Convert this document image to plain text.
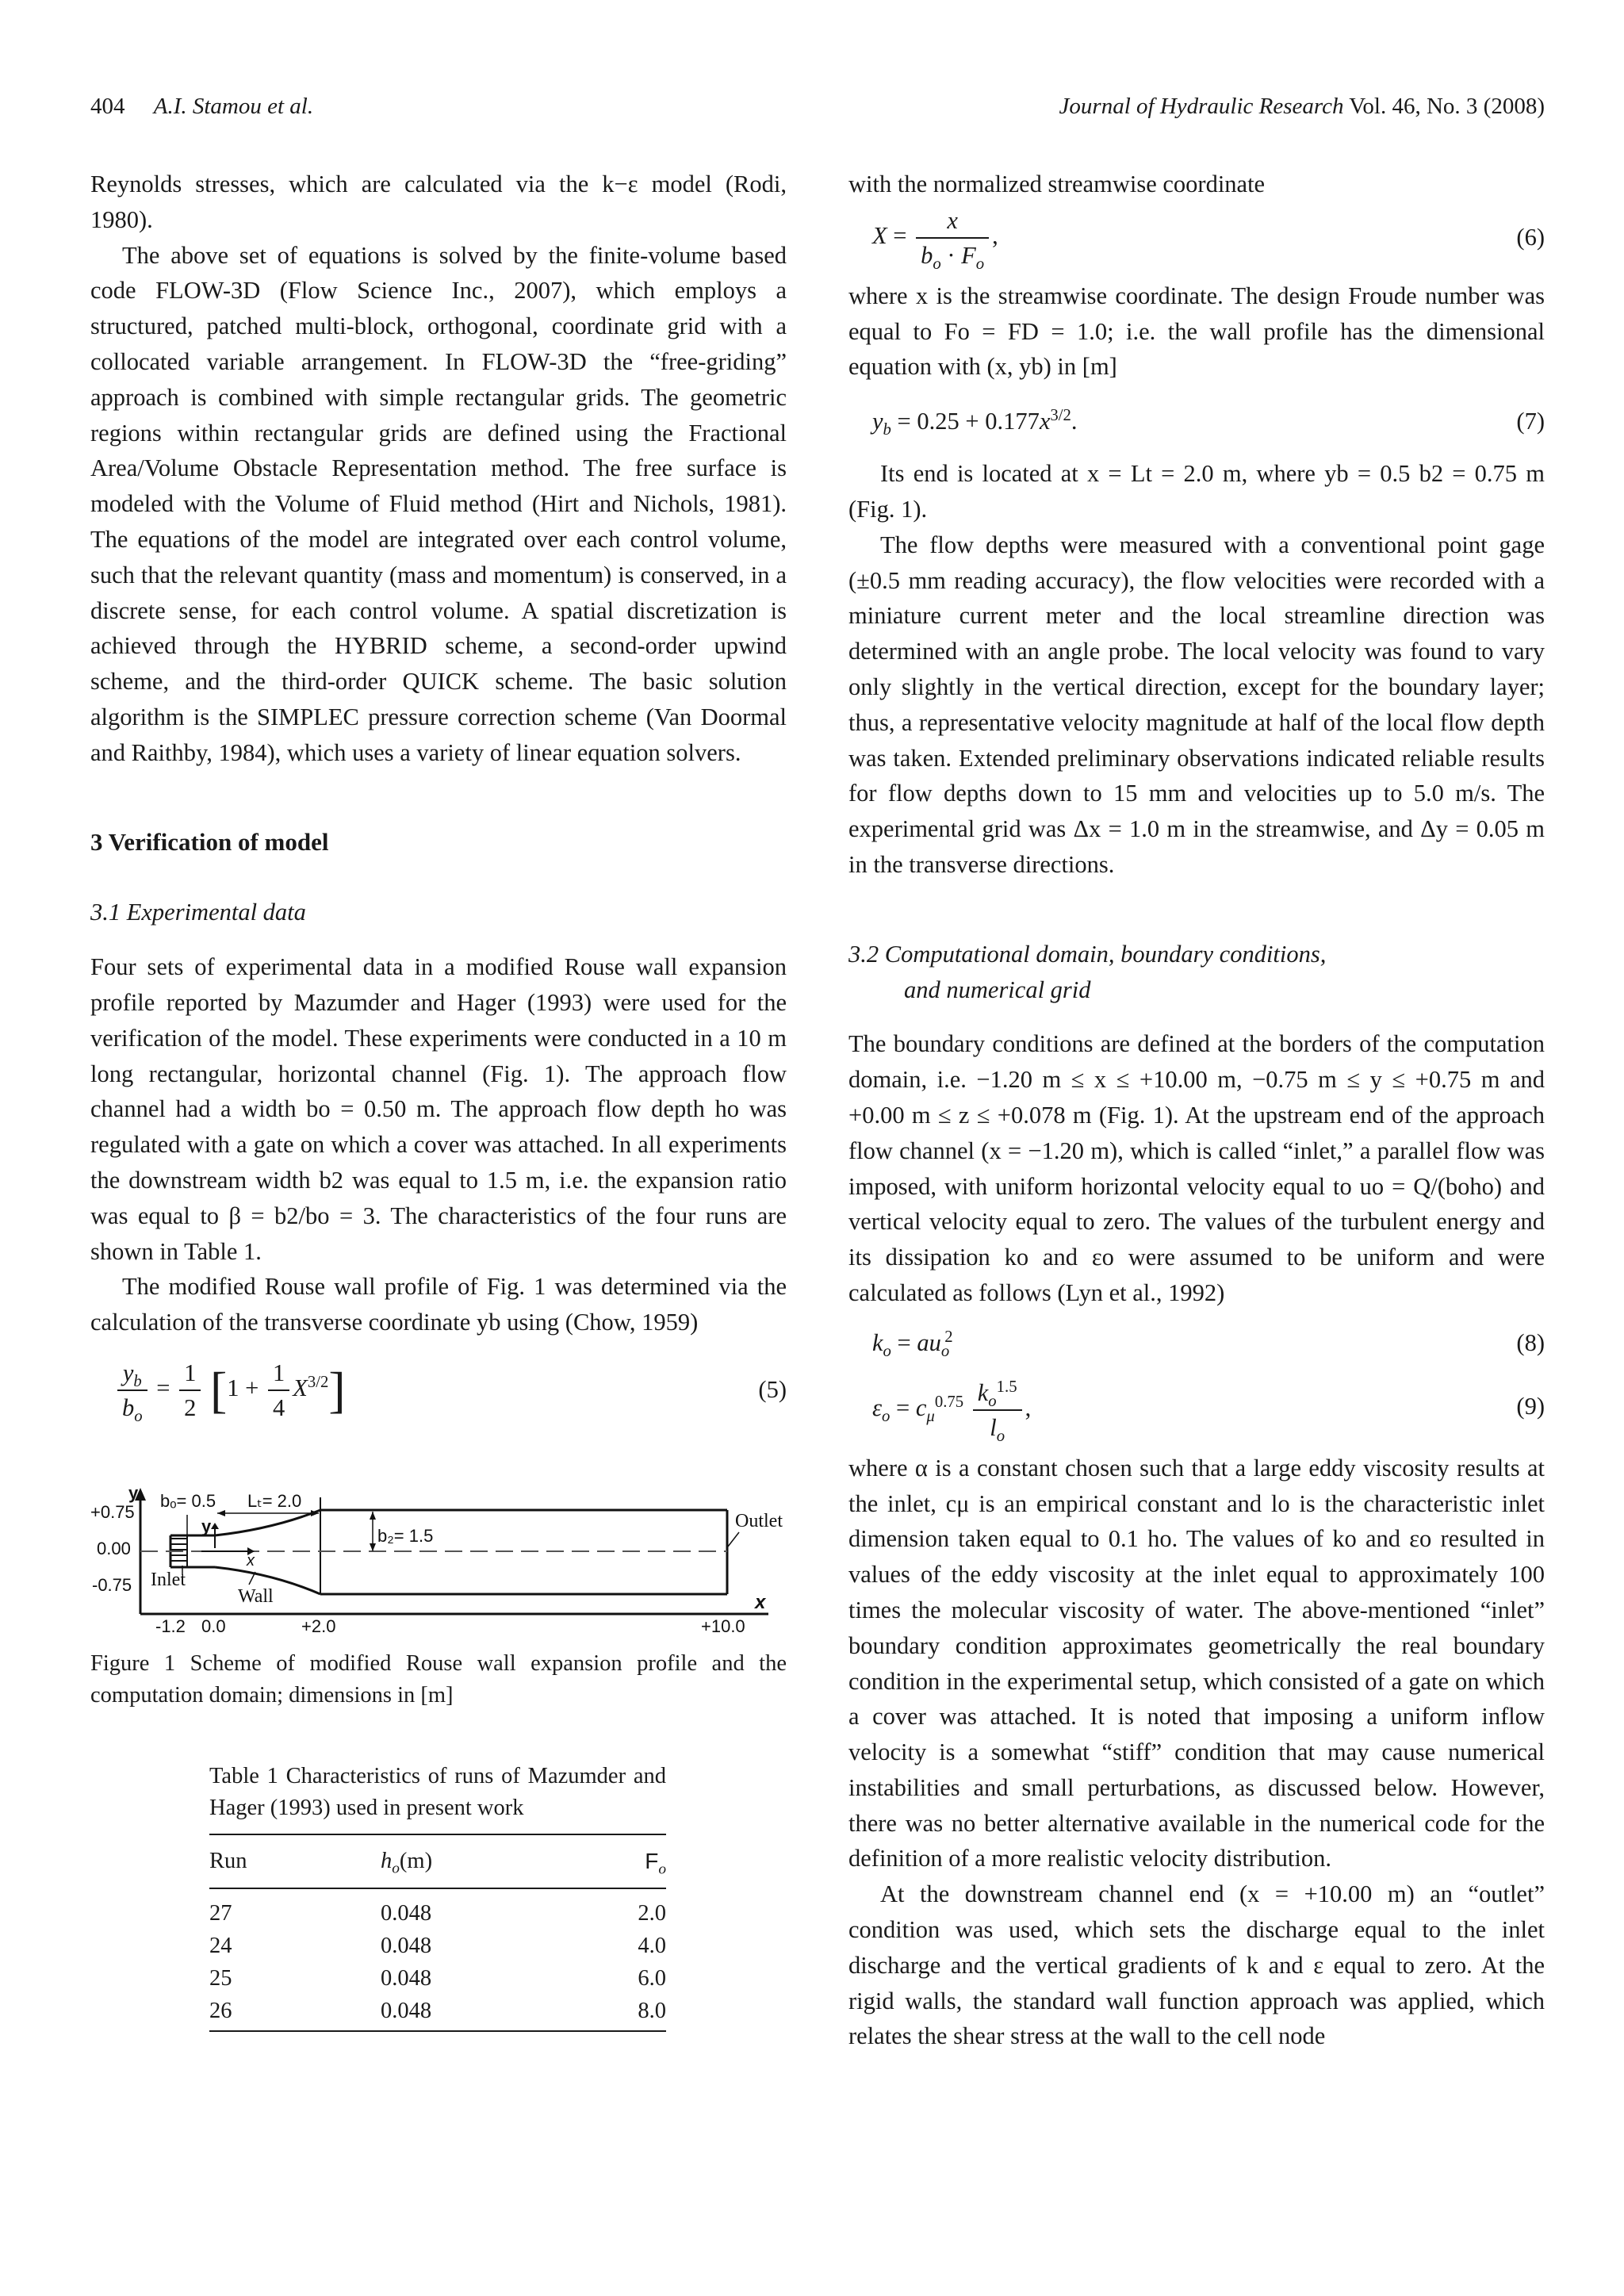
404 A.I. Stamou et al.	Journal of Hydraulic Research Vol. 46, No. 3 (2008)

Reynolds stresses, which are calculated via the k−ε model (Rodi, 1980).

The above set of equations is solved by the finite-volume based code FLOW-3D (Flow Science Inc., 2007), which employs a structured, patched multi-block, orthogonal, coordinate grid with a collocated variable arrangement. In FLOW-3D the “free-griding” approach is combined with simple rectangular grids. The geometric regions within rectangular grids are defined using the Fractional Area/Volume Obstacle Representation method. The free surface is modeled with the Volume of Fluid method (Hirt and Nichols, 1981). The equations of the model are integrated over each control volume, such that the relevant quantity (mass and momentum) is conserved, in a discrete sense, for each control volume. A spatial discretization is achieved through the HYBRID scheme, a second-order upwind scheme, and the third-order QUICK scheme. The basic solution algorithm is the SIMPLEC pressure correction scheme (Van Doormal and Raithby, 1984), which uses a variety of linear equation solvers.

3 Verification of model

3.1 Experimental data

Four sets of experimental data in a modified Rouse wall expansion profile reported by Mazumder and Hager (1993) were used for the verification of the model. These experiments were conducted in a 10 m long rectangular, horizontal channel (Fig. 1). The approach flow channel had a width bo = 0.50 m. The approach flow depth ho was regulated with a gate on which a cover was attached. In all experiments the downstream width b2 was equal to 1.5 m, i.e. the expansion ratio was equal to β = b2/bo = 3. The characteristics of the four runs are shown in Table 1.

The modified Rouse wall profile of Fig. 1 was determined via the calculation of the transverse coordinate yb using (Chow, 1959)

$\frac{y_b}{b_o} = \frac{1}{2} [1 + \frac{1}{4} X^{3/2}]$	(5)
+0.75
0.00
-0.75
y
y
x
bₒ= 0.5 Lₜ= 2.0
b₂= 1.5
Outlet
Inlet
Wall	x
-1.2 0.0	+2.0	+10.0

Figure 1 Scheme of modified Rouse wall expansion profile and the computation domain; dimensions in [m]

Table 1 Characteristics of runs of Mazumder and Hager (1993) used in present work

Run	$h_o(m)$	$F_o$
27	0.048	2.0
24	0.048	4.0
25	0.048	6.0
26	0.048	8.0

with the normalized streamwise coordinate

$X = \frac{x}{b_o \cdot F_o}$ ,	(6)

where x is the streamwise coordinate. The design Froude number was equal to Fo = FD = 1.0; i.e. the wall profile has the dimensional equation with (x, yb) in [m]

$y_b = 0.25 + 0.177x^{3/2}$.	(7)

Its end is located at x = Lt = 2.0 m, where yb = 0.5 b2 = 0.75 m (Fig. 1).

The flow depths were measured with a conventional point gage (±0.5 mm reading accuracy), the flow velocities were recorded with a miniature current meter and the local streamline direction was determined with an angle probe. The local velocity was found to vary only slightly in the vertical direction, except for the boundary layer; thus, a representative velocity magnitude at half of the local flow depth was taken. Extended preliminary observations indicated reliable results for flow depths down to 15 mm and velocities up to 5.0 m/s. The experimental grid was Δx = 1.0 m in the streamwise, and Δy = 0.05 m in the transverse directions.

3.2 Computational domain, boundary conditions,

and numerical grid

The boundary conditions are defined at the borders of the computation domain, i.e. −1.20 m ≤ x ≤ +10.00 m, −0.75 m ≤ y ≤ +0.75 m and +0.00 m ≤ z ≤ +0.078 m (Fig. 1). At the upstream end of the approach flow channel (x = −1.20 m), which is called “inlet,” a parallel flow was imposed, with uniform horizontal velocity equal to uo = Q/(boho) and vertical velocity equal to zero. The values of the turbulent energy and its dissipation ko and εo were assumed to be uniform and were calculated as follows (Lyn et al., 1992)

$k_o = au_o^2$	(8)
$\varepsilon_o = c_\mu^{0.75} \frac{k_o^{1.5}}{l_o}$ ,	(9)

where α is a constant chosen such that a large eddy viscosity results at the inlet, cμ is an empirical constant and lo is the characteristic inlet dimension taken equal to 0.1 ho. The values of ko and εo resulted in values of the eddy viscosity at the inlet equal to approximately 100 times the molecular viscosity of water. The above-mentioned “inlet” boundary condition approximates geometrically the real boundary condition in the experimental setup, which consisted of a gate on which a cover was attached. It is noted that imposing a uniform inflow velocity is a somewhat “stiff” condition that may cause numerical instabilities and small perturbations, as discussed below. However, there was no better alternative available in the numerical code for the definition of a more realistic velocity distribution.

At the downstream channel end (x = +10.00 m) an “outlet” condition was used, which sets the discharge equal to the inlet discharge and the vertical gradients of k and ε equal to zero. At the rigid walls, the standard wall function approach was applied, which relates the shear stress at the wall to the cell node
